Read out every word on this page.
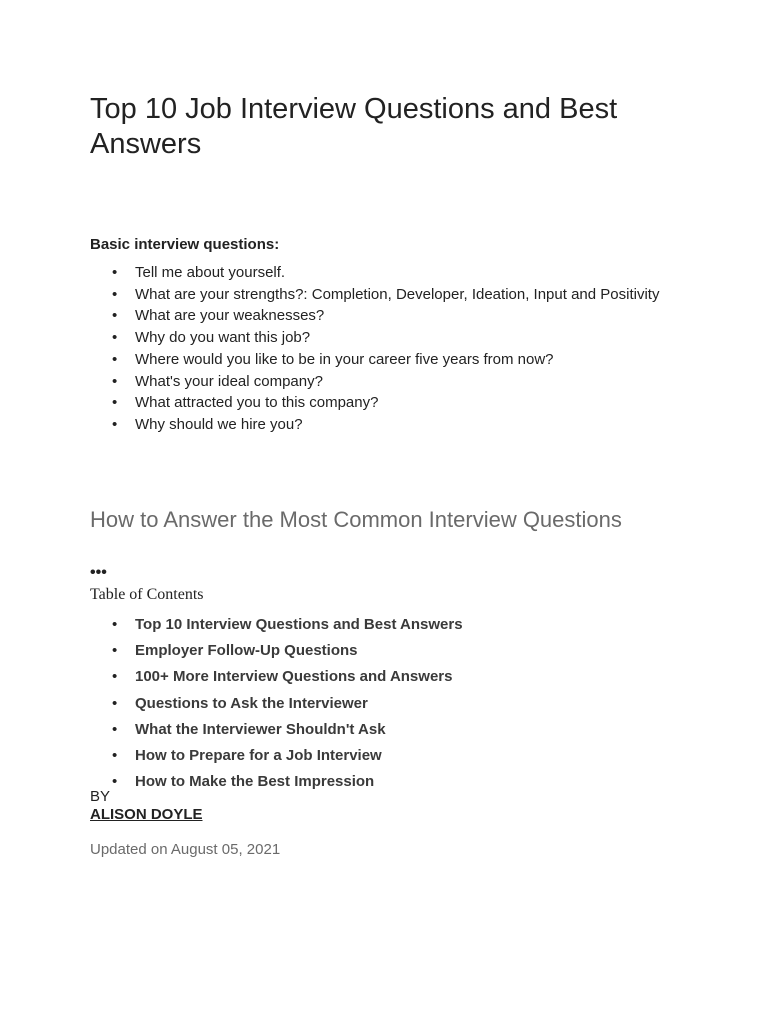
Top 10 Job Interview Questions and Best Answers

Basic interview questions:

• Tell me about yourself.
• What are your strengths?: Completion, Developer, Ideation, Input and Positivity
• What are your weaknesses?
• Why do you want this job?
• Where would you like to be in your career five years from now?
• What's your ideal company?
• What attracted you to this company?
• Why should we hire you?
How to Answer the Most Common Interview Questions
•••
Table of Contents
• Top 10 Interview Questions and Best Answers
• Employer Follow-Up Questions
• 100+ More Interview Questions and Answers
• Questions to Ask the Interviewer
• What the Interviewer Shouldn't Ask
• How to Prepare for a Job Interview
• How to Make the Best Impression
BY
ALISON DOYLE
Updated on August 05, 2021
